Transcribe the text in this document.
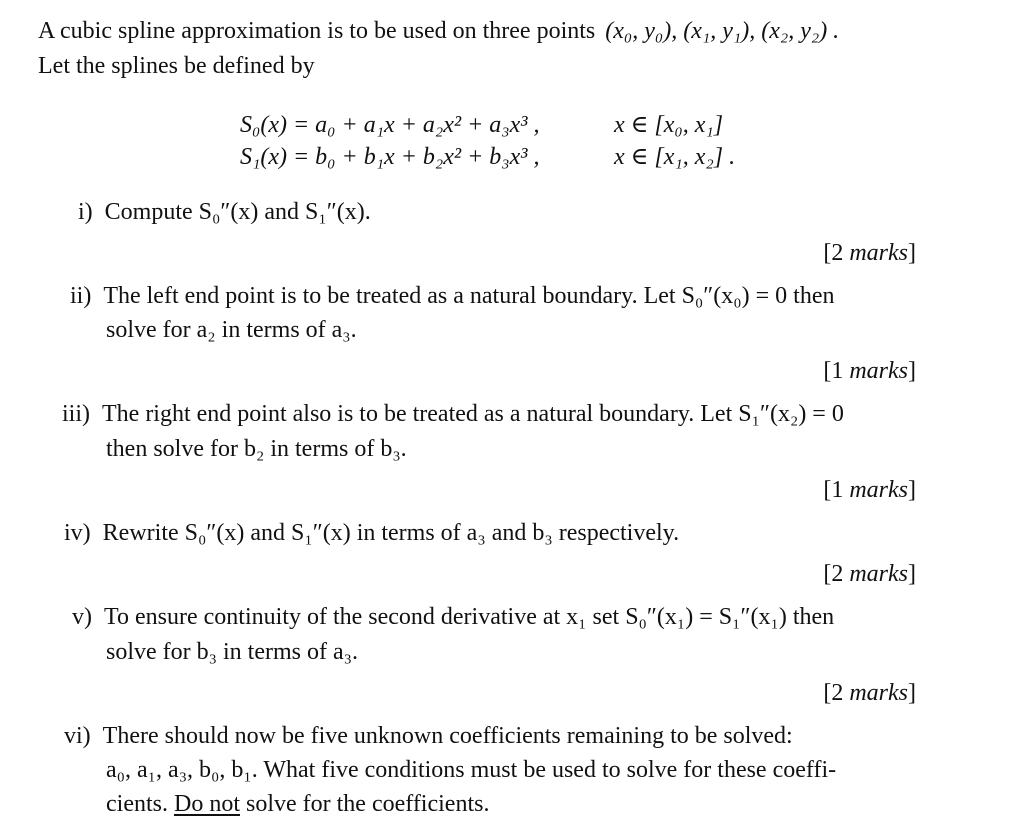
A cubic spline approximation is to be used on three points (x₀, y₀), (x₁, y₁), (x₂, y₂) .
Let the splines be defined by
S₀(x) = a₀ + a₁x + a₂x² + a₃x³ ,	x ∈ [x₀, x₁]
S₁(x) = b₀ + b₁x + b₂x² + b₃x³ ,	x ∈ [x₁, x₂] .
i) Compute S₀″(x) and S₁″(x).
[2 marks]
ii) The left end point is to be treated as a natural boundary. Let S₀″(x₀) = 0 then
solve for a₂ in terms of a₃.
[1 marks]
iii) The right end point also is to be treated as a natural boundary. Let S₁″(x₂) = 0
then solve for b₂ in terms of b₃.
[1 marks]
iv) Rewrite S₀″(x) and S₁″(x) in terms of a₃ and b₃ respectively.
[2 marks]
v) To ensure continuity of the second derivative at x₁ set S₀″(x₁) = S₁″(x₁) then
solve for b₃ in terms of a₃.
[2 marks]
vi) There should now be five unknown coefficients remaining to be solved:
a₀, a₁, a₃, b₀, b₁. What five conditions must be used to solve for these coeffi-
cients. Do not solve for the coefficients.
